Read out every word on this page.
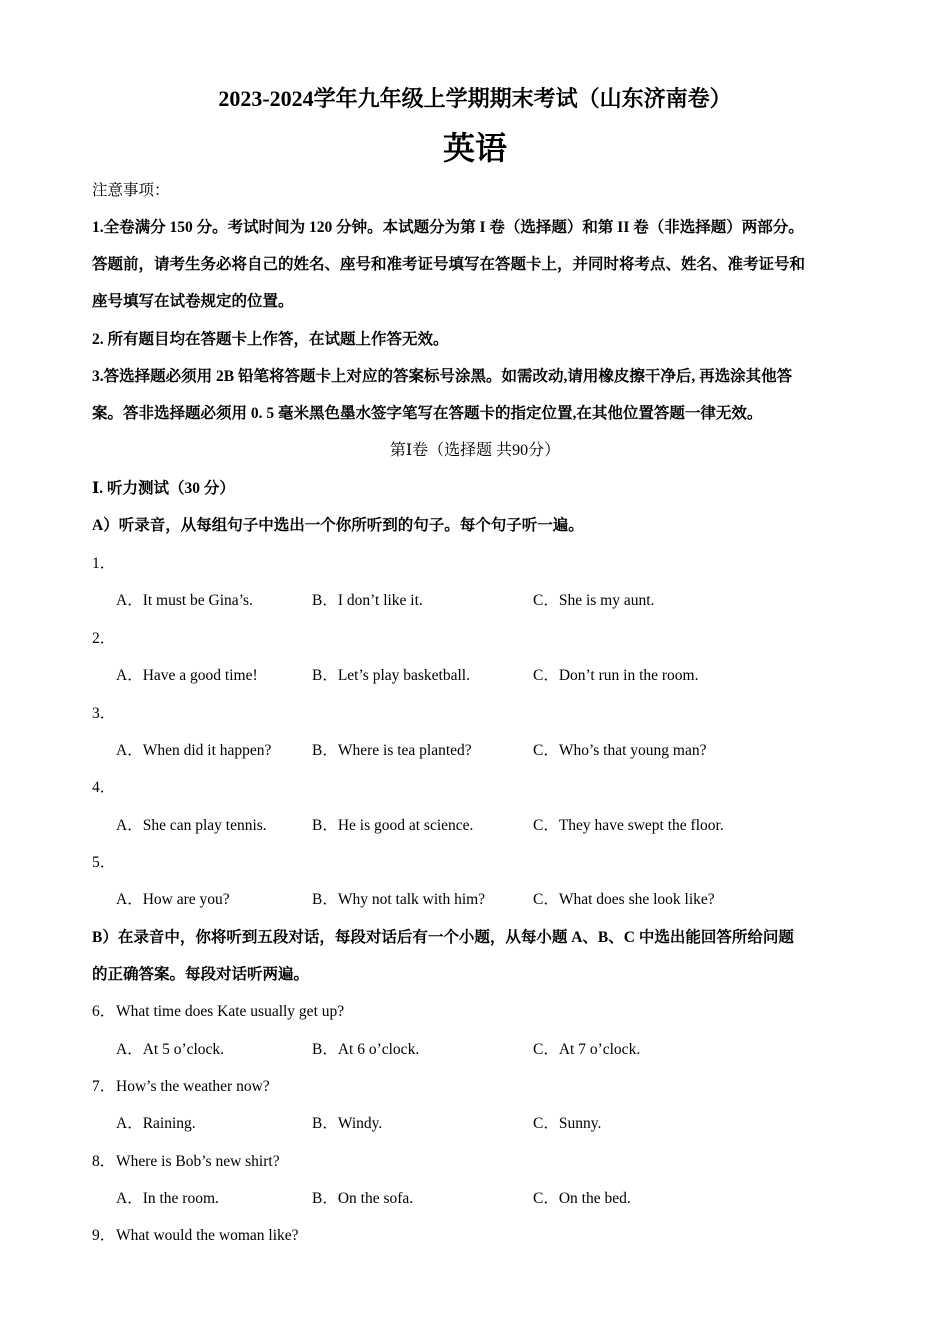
2023-2024学年九年级上学期期末考试（山东济南卷）
英语
注意事项：
1.全卷满分 150 分。考试时间为 120 分钟。本试题分为第 I 卷（选择题）和第 II 卷（非选择题）两部分。
答题前，请考生务必将自己的姓名、座号和准考证号填写在答题卡上，并同时将考点、姓名、准考证号和
座号填写在试卷规定的位置。
2. 所有题目均在答题卡上作答，在试题上作答无效。
3.答选择题必须用 2B 铅笔将答题卡上对应的答案标号涂黑。如需改动,请用橡皮擦干净后, 再选涂其他答
案。答非选择题必须用 0. 5 毫米黑色墨水签字笔写在答题卡的指定位置,在其他位置答题一律无效。
第Ⅰ卷（选择题 共90分）
Ⅰ. 听力测试（30 分）
A）听录音，从每组句子中选出一个你所听到的句子。每个句子听一遍。
1．
A．It must be Gina’s.	B．I don’t like it.	C．She is my aunt.
2．
A．Have a good time!	B．Let’s play basketball.	C．Don’t run in the room.
3．
A．When did it happen?	B．Where is tea planted?	C．Who’s that young man?
4．
A．She can play tennis.	B．He is good at science.	C．They have swept the floor.
5．
A．How are you?	B．Why not talk with him?	C．What does she look like?
B）在录音中，你将听到五段对话，每段对话后有一个小题，从每小题 A、B、C 中选出能回答所给问题
的正确答案。每段对话听两遍。
6． What time does Kate usually get up?
A．At 5 o’clock.	B．At 6 o’clock.	C．At 7 o’clock.
7． How’s the weather now?
A．Raining.	B．Windy.	C．Sunny.
8． Where is Bob’s new shirt?
A．In the room.	B．On the sofa.	C．On the bed.
9． What would the woman like?
